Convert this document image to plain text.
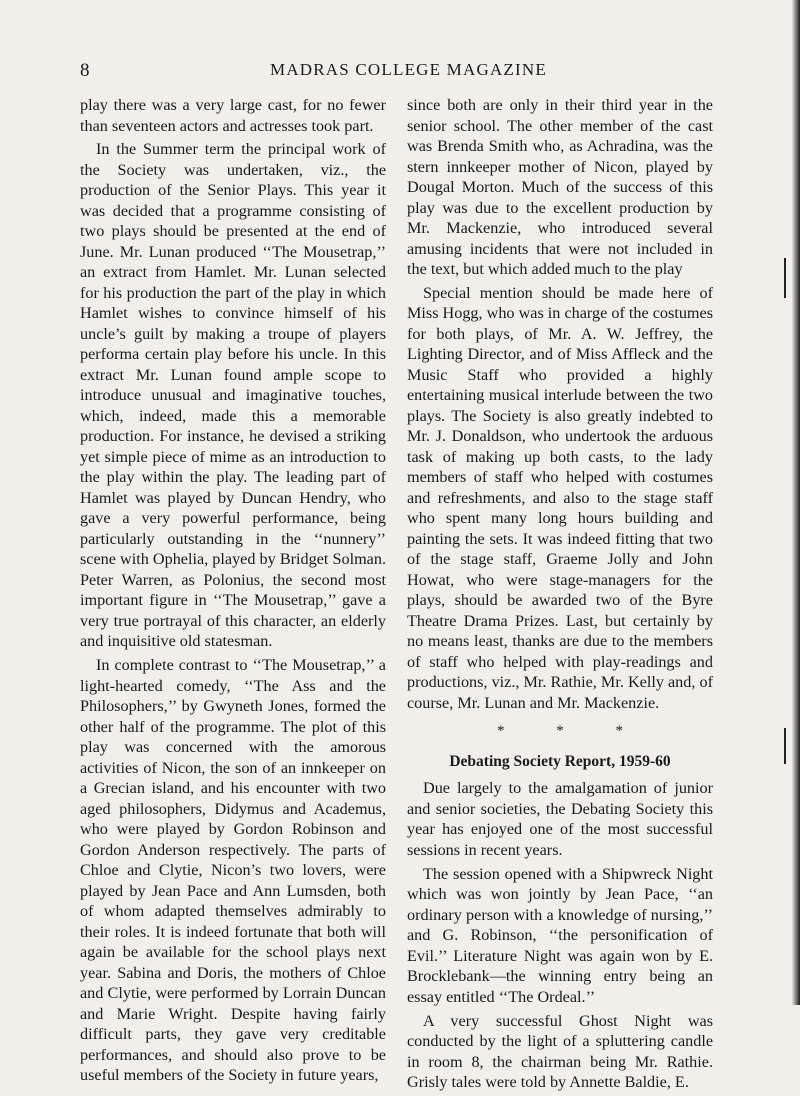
8	MADRAS COLLEGE MAGAZINE

play there was a very large cast, for no fewer than seventeen actors and actresses took part.

In the Summer term the principal work of the Society was undertaken, viz., the production of the Senior Plays. This year it was decided that a programme consisting of two plays should be presented at the end of June. Mr. Lunan produced ‘‘The Mousetrap,’’ an extract from Hamlet. Mr. Lunan selected for his production the part of the play in which Hamlet wishes to convince himself of his uncle’s guilt by making a troupe of players performa certain play before his uncle. In this extract Mr. Lunan found ample scope to introduce unusual and imaginative touches, which, indeed, made this a memorable production. For instance, he devised a striking yet simple piece of mime as an introduction to the play within the play. The leading part of Hamlet was played by Duncan Hendry, who gave a very powerful performance, being particularly outstanding in the ‘‘nunnery’’ scene with Ophelia, played by Bridget Solman. Peter Warren, as Polonius, the second most important figure in ‘‘The Mousetrap,’’ gave a very true portrayal of this character, an elderly and inquisitive old statesman.

In complete contrast to ‘‘The Mousetrap,’’ a light-hearted comedy, ‘‘The Ass and the Philosophers,’’ by Gwyneth Jones, formed the other half of the programme. The plot of this play was concerned with the amorous activities of Nicon, the son of an innkeeper on a Grecian island, and his encounter with two aged philosophers, Didymus and Academus, who were played by Gordon Robinson and Gordon Anderson respectively. The parts of Chloe and Clytie, Nicon’s two lovers, were played by Jean Pace and Ann Lumsden, both of whom adapted themselves admirably to their roles. It is indeed fortunate that both will again be available for the school plays next year. Sabina and Doris, the mothers of Chloe and Clytie, were performed by Lorrain Duncan and Marie Wright. Despite having fairly difficult parts, they gave very creditable performances, and should also prove to be useful members of the Society in future years,

since both are only in their third year in the senior school. The other member of the cast was Brenda Smith who, as Achradina, was the stern innkeeper mother of Nicon, played by Dougal Morton. Much of the success of this play was due to the excellent production by Mr. Mackenzie, who introduced several amusing incidents that were not included in the text, but which added much to the play

Special mention should be made here of Miss Hogg, who was in charge of the costumes for both plays, of Mr. A. W. Jeffrey, the Lighting Director, and of Miss Affleck and the Music Staff who provided a highly entertaining musical interlude between the two plays. The Society is also greatly indebted to Mr. J. Donaldson, who undertook the arduous task of making up both casts, to the lady members of staff who helped with costumes and refreshments, and also to the stage staff who spent many long hours building and painting the sets. It was indeed fitting that two of the stage staff, Graeme Jolly and John Howat, who were stage-managers for the plays, should be awarded two of the Byre Theatre Drama Prizes. Last, but certainly by no means least, thanks are due to the members of staff who helped with play-readings and productions, viz., Mr. Rathie, Mr. Kelly and, of course, Mr. Lunan and Mr. Mackenzie.

* * *
Debating Society Report, 1959-60

Due largely to the amalgamation of junior and senior societies, the Debating Society this year has enjoyed one of the most successful sessions in recent years.

The session opened with a Shipwreck Night which was won jointly by Jean Pace, ‘‘an ordinary person with a knowledge of nursing,’’ and G. Robinson, ‘‘the personification of Evil.’’ Literature Night was again won by E. Brocklebank—the winning entry being an essay entitled ‘‘The Ordeal.’’

A very successful Ghost Night was conducted by the light of a spluttering candle in room 8, the chairman being Mr. Rathie. Grisly tales were told by Annette Baldie, E.
